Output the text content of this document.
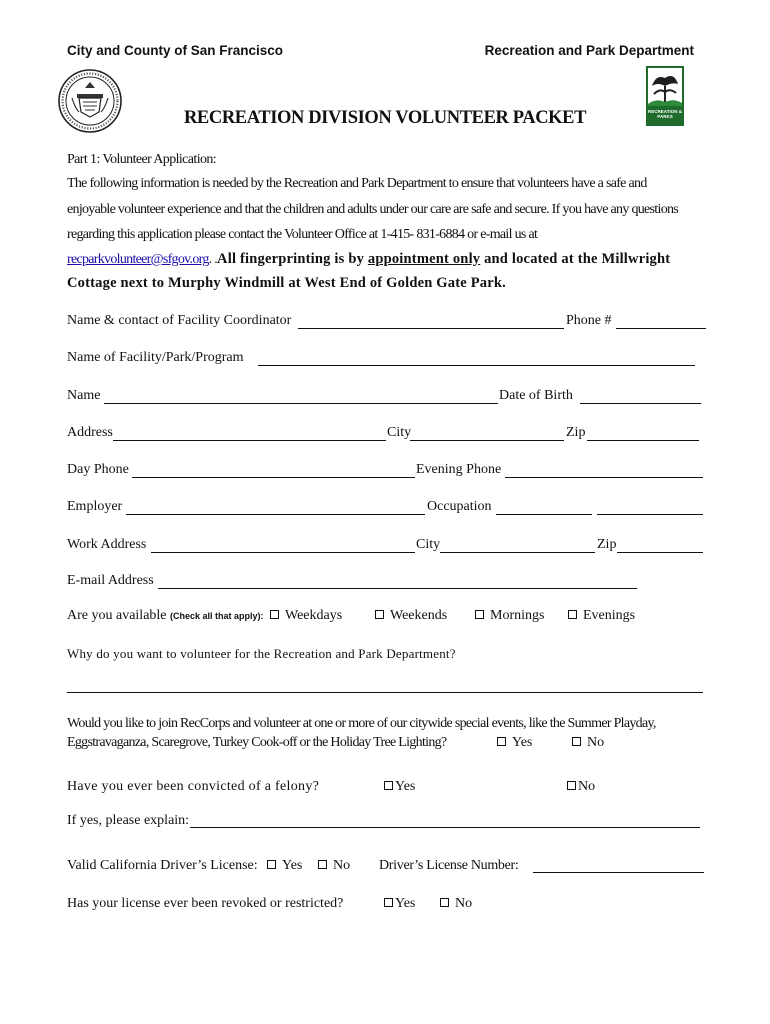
City and County of San Francisco	Recreation and Park Department
RECREATION & PARKS
RECREATION DIVISION VOLUNTEER PACKET
Part 1: Volunteer Application:
The following information is needed by the Recreation and Park Department to ensure that volunteers have a safe and
enjoyable volunteer experience and that the children and adults under our care are safe and secure. If you have any questions
regarding this application please contact the Volunteer Office at 1-415- 831-6884 or e-mail us at
recparkvolunteer@sfgov.org. .All fingerprinting is by appointment only and located at the Millwright
Cottage next to Murphy Windmill at West End of Golden Gate Park.
Name & contact of Facility Coordinator	Phone #
Name of Facility/Park/Program
Name	Date of Birth
Address	City	Zip
Day Phone	Evening Phone
Employer	Occupation
Work Address	City	Zip
E-mail Address
Are you available (Check all that apply):	Weekdays	Weekends	Mornings	Evenings
Why do you want to volunteer for the Recreation and Park Department?
Would you like to join RecCorps and volunteer at one or more of our citywide special events, like the Summer Playday,
Eggstravaganza, Scaregrove, Turkey Cook-off or the Holiday Tree Lighting?	Yes	No
Have you ever been convicted of a felony?	Yes	No
If yes, please explain:
Valid California Driver’s License:	Yes	No Driver’s License Number:
Has your license ever been revoked or restricted?	Yes	No
